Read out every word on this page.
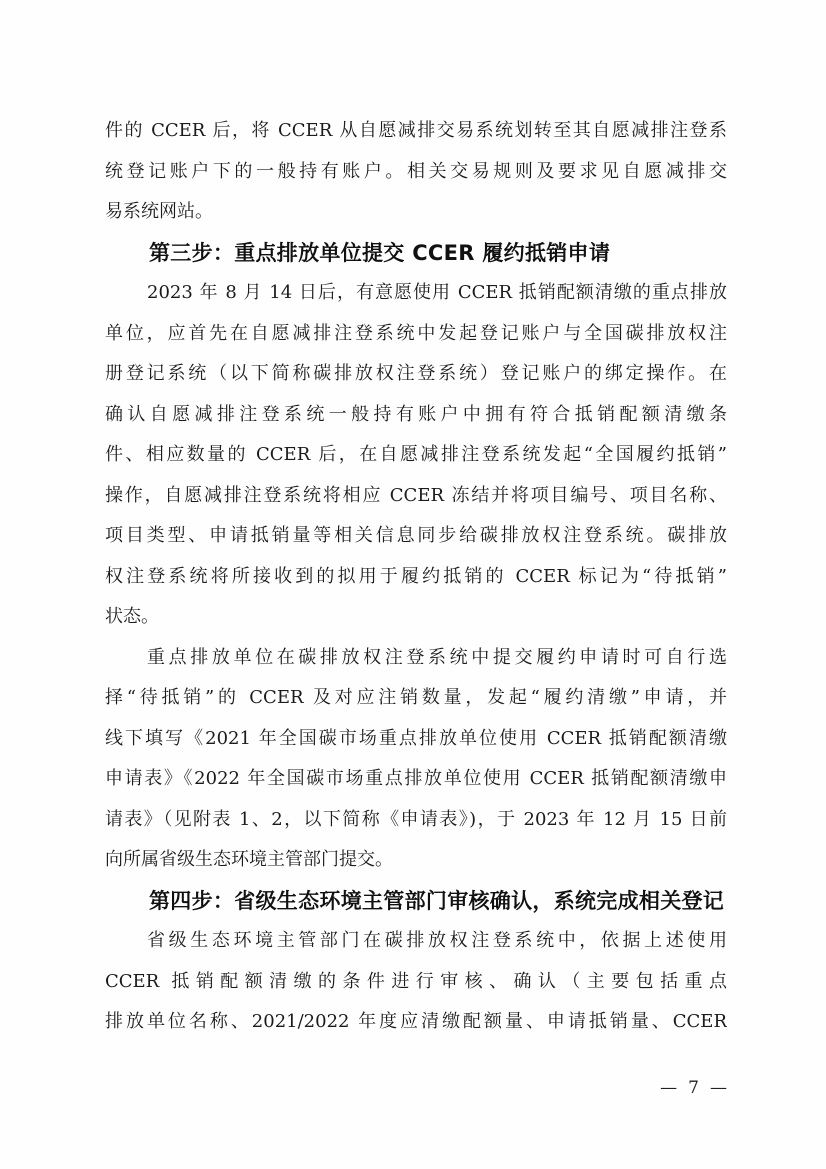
件的 CCER 后，将 CCER 从自愿减排交易系统划转至其自愿减排注登系
统登记账户下的一般持有账户。相关交易规则及要求见自愿减排交
易系统网站。
第三步：重点排放单位提交 CCER 履约抵销申请
2023 年 8 月 14 日后，有意愿使用 CCER 抵销配额清缴的重点排放
单位，应首先在自愿减排注登系统中发起登记账户与全国碳排放权注
册登记系统（以下简称碳排放权注登系统）登记账户的绑定操作。在
确认自愿减排注登系统一般持有账户中拥有符合抵销配额清缴条
件、相应数量的 CCER 后，在自愿减排注登系统发起“全国履约抵销”
操作，自愿减排注登系统将相应 CCER 冻结并将项目编号、项目名称、
项目类型、申请抵销量等相关信息同步给碳排放权注登系统。碳排放
权注登系统将所接收到的拟用于履约抵销的 CCER 标记为“待抵销”
状态。
重点排放单位在碳排放权注登系统中提交履约申请时可自行选
择“待抵销”的 CCER 及对应注销数量，发起“履约清缴”申请，并
线下填写《2021 年全国碳市场重点排放单位使用 CCER 抵销配额清缴
申请表》《2022 年全国碳市场重点排放单位使用 CCER 抵销配额清缴申
请表》（见附表 1、2，以下简称《申请表》)，于 2023 年 12 月 15 日前
向所属省级生态环境主管部门提交。
第四步：省级生态环境主管部门审核确认，系统完成相关登记
省级生态环境主管部门在碳排放权注登系统中，依据上述使用
CCER 抵销配额清缴的条件进行审核、确认（主要包括重点
排放单位名称、2021/2022 年度应清缴配额量、申请抵销量、CCER
— 7 —
